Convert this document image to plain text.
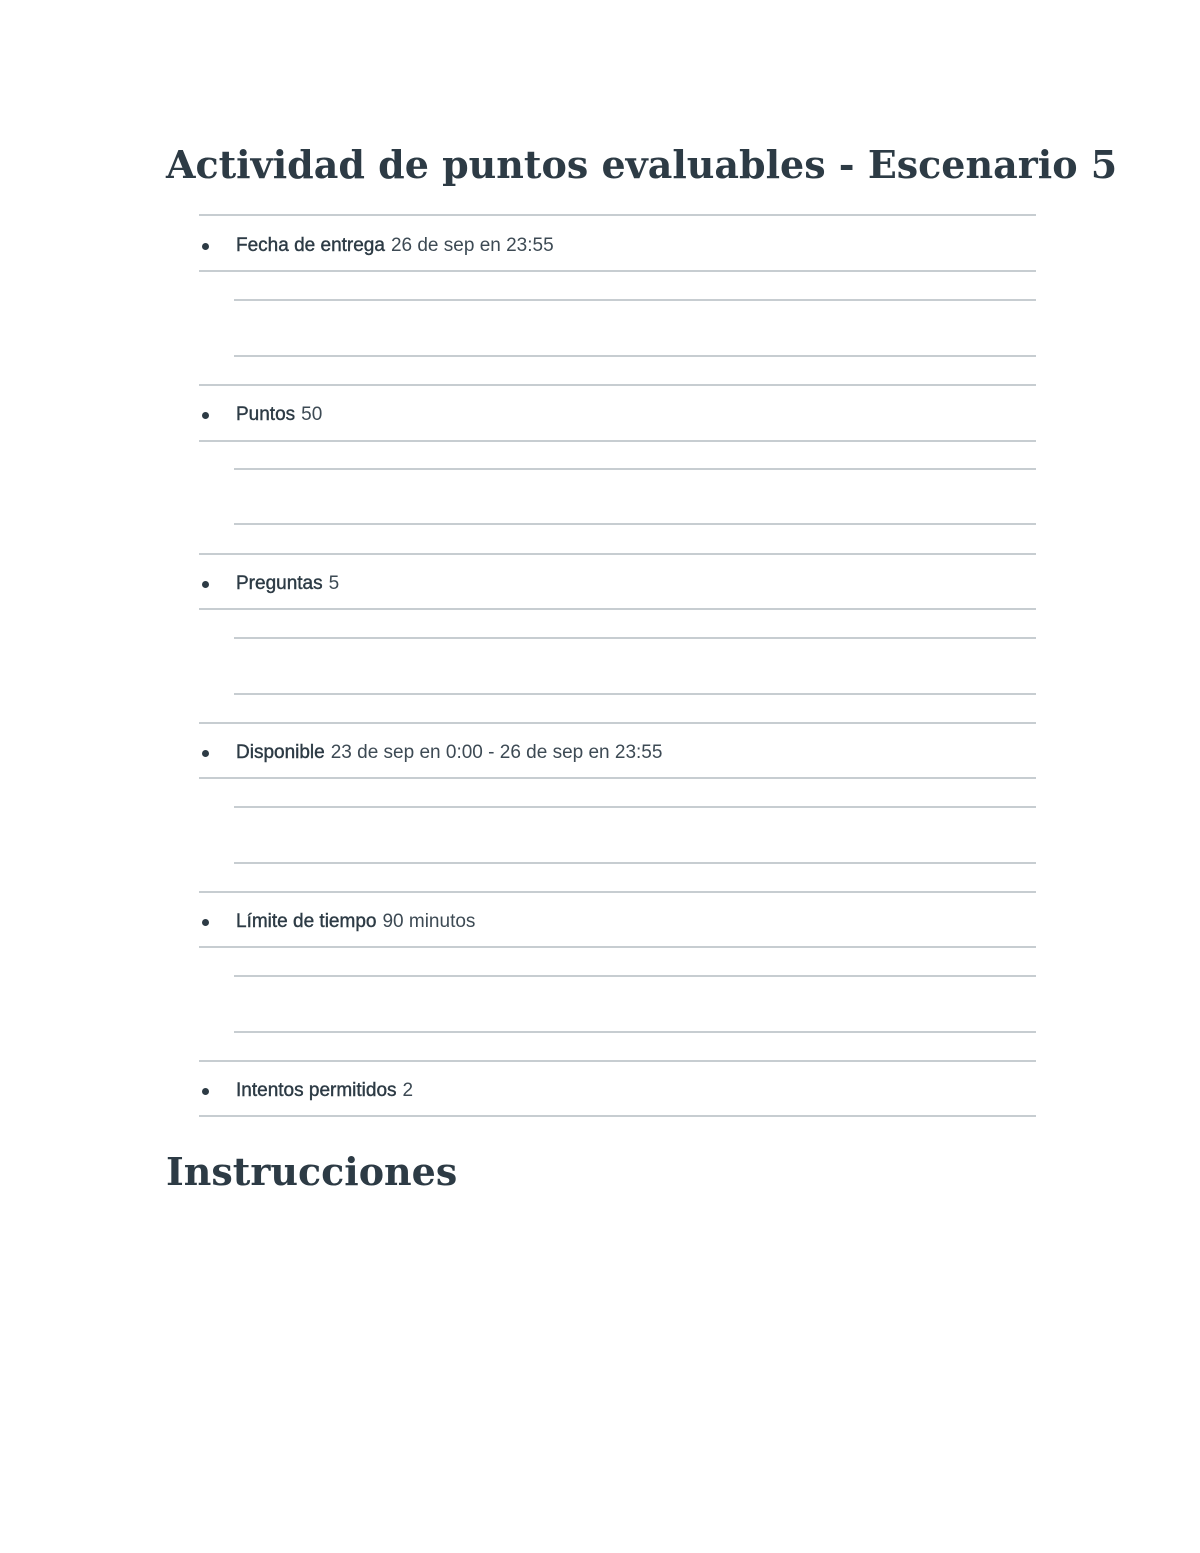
Actividad de puntos evaluables - Escenario 5
Fecha de entrega 26 de sep en 23:55
Puntos 50
Preguntas 5
Disponible 23 de sep en 0:00 - 26 de sep en 23:55
Límite de tiempo 90 minutos
Intentos permitidos 2
Instrucciones
